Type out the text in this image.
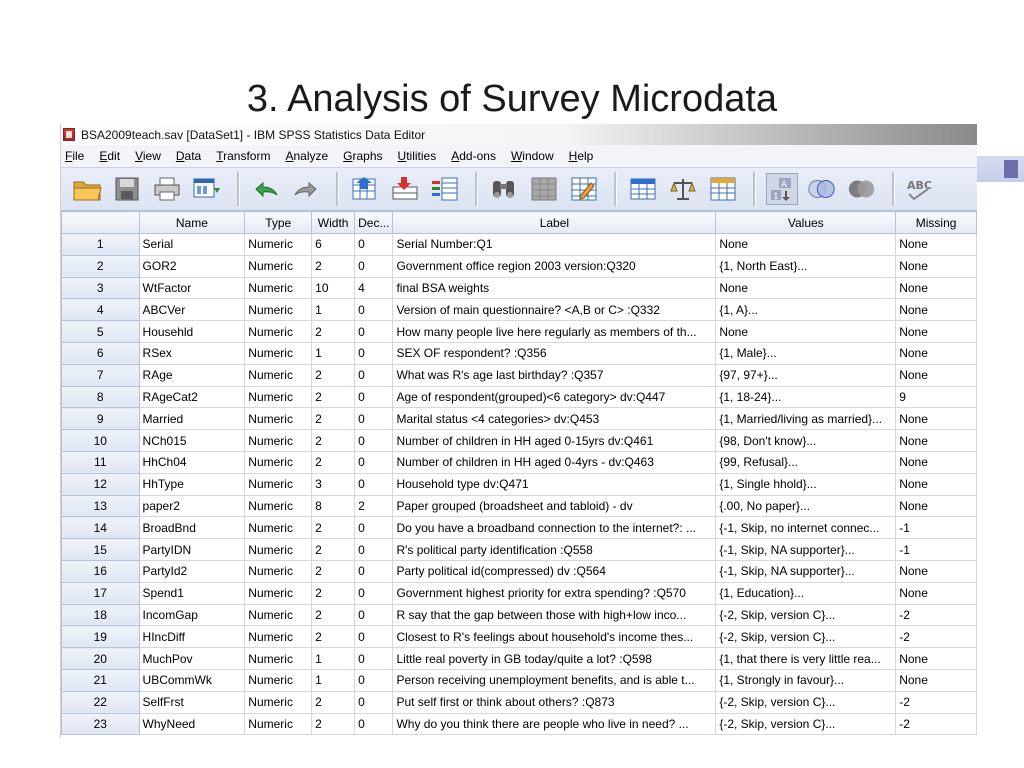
3. Analysis of Survey Microdata
BSA2009teach.sav [DataSet1] - IBM SPSS Statistics Data Editor
File Edit View Data Transform Analyze Graphs Utilities Add-ons Window Help
A
1
ABC
	Name	Type	Width	Dec...	Label	Values	Missing
1	Serial	Numeric	6	0	Serial Number:Q1	None	None
2	GOR2	Numeric	2	0	Government office region 2003 version:Q320	{1, North East}...	None
3	WtFactor	Numeric	10	4	final BSA weights	None	None
4	ABCVer	Numeric	1	0	Version of main questionnaire? <A,B or C> :Q332	{1, A}...	None
5	Househld	Numeric	2	0	How many people live here regularly as members of th...	None	None
6	RSex	Numeric	1	0	SEX OF respondent? :Q356	{1, Male}...	None
7	RAge	Numeric	2	0	What was R's age last birthday? :Q357	{97, 97+}...	None
8	RAgeCat2	Numeric	2	0	Age of respondent(grouped)<6 category> dv:Q447	{1, 18-24}...	9
9	Married	Numeric	2	0	Marital status <4 categories> dv:Q453	{1, Married/living as married}...	None
10	NCh015	Numeric	2	0	Number of children in HH aged 0-15yrs dv:Q461	{98, Don't know}...	None
11	HhCh04	Numeric	2	0	Number of children in HH aged 0-4yrs - dv:Q463	{99, Refusal}...	None
12	HhType	Numeric	3	0	Household type dv:Q471	{1, Single hhold}...	None
13	paper2	Numeric	8	2	Paper grouped (broadsheet and tabloid) - dv	{.00, No paper}...	None
14	BroadBnd	Numeric	2	0	Do you have a broadband connection to the internet?: ...	{-1, Skip, no internet connec...	-1
15	PartyIDN	Numeric	2	0	R's political party identification :Q558	{-1, Skip, NA supporter}...	-1
16	PartyId2	Numeric	2	0	Party political id(compressed) dv :Q564	{-1, Skip, NA supporter}...	None
17	Spend1	Numeric	2	0	Government highest priority for extra spending? :Q570	{1, Education}...	None
18	IncomGap	Numeric	2	0	R say that the gap between those with high+low inco...	{-2, Skip, version C}...	-2
19	HIncDiff	Numeric	2	0	Closest to R's feelings about household's income thes...	{-2, Skip, version C}...	-2
20	MuchPov	Numeric	1	0	Little real poverty in GB today/quite a lot? :Q598	{1, that there is very little rea...	None
21	UBCommWk	Numeric	1	0	Person receiving unemployment benefits, and is able t...	{1, Strongly in favour}...	None
22	SelfFrst	Numeric	2	0	Put self first or think about others? :Q873	{-2, Skip, version C}...	-2
23	WhyNeed	Numeric	2	0	Why do you think there are people who live in need? ...	{-2, Skip, version C}...	-2
